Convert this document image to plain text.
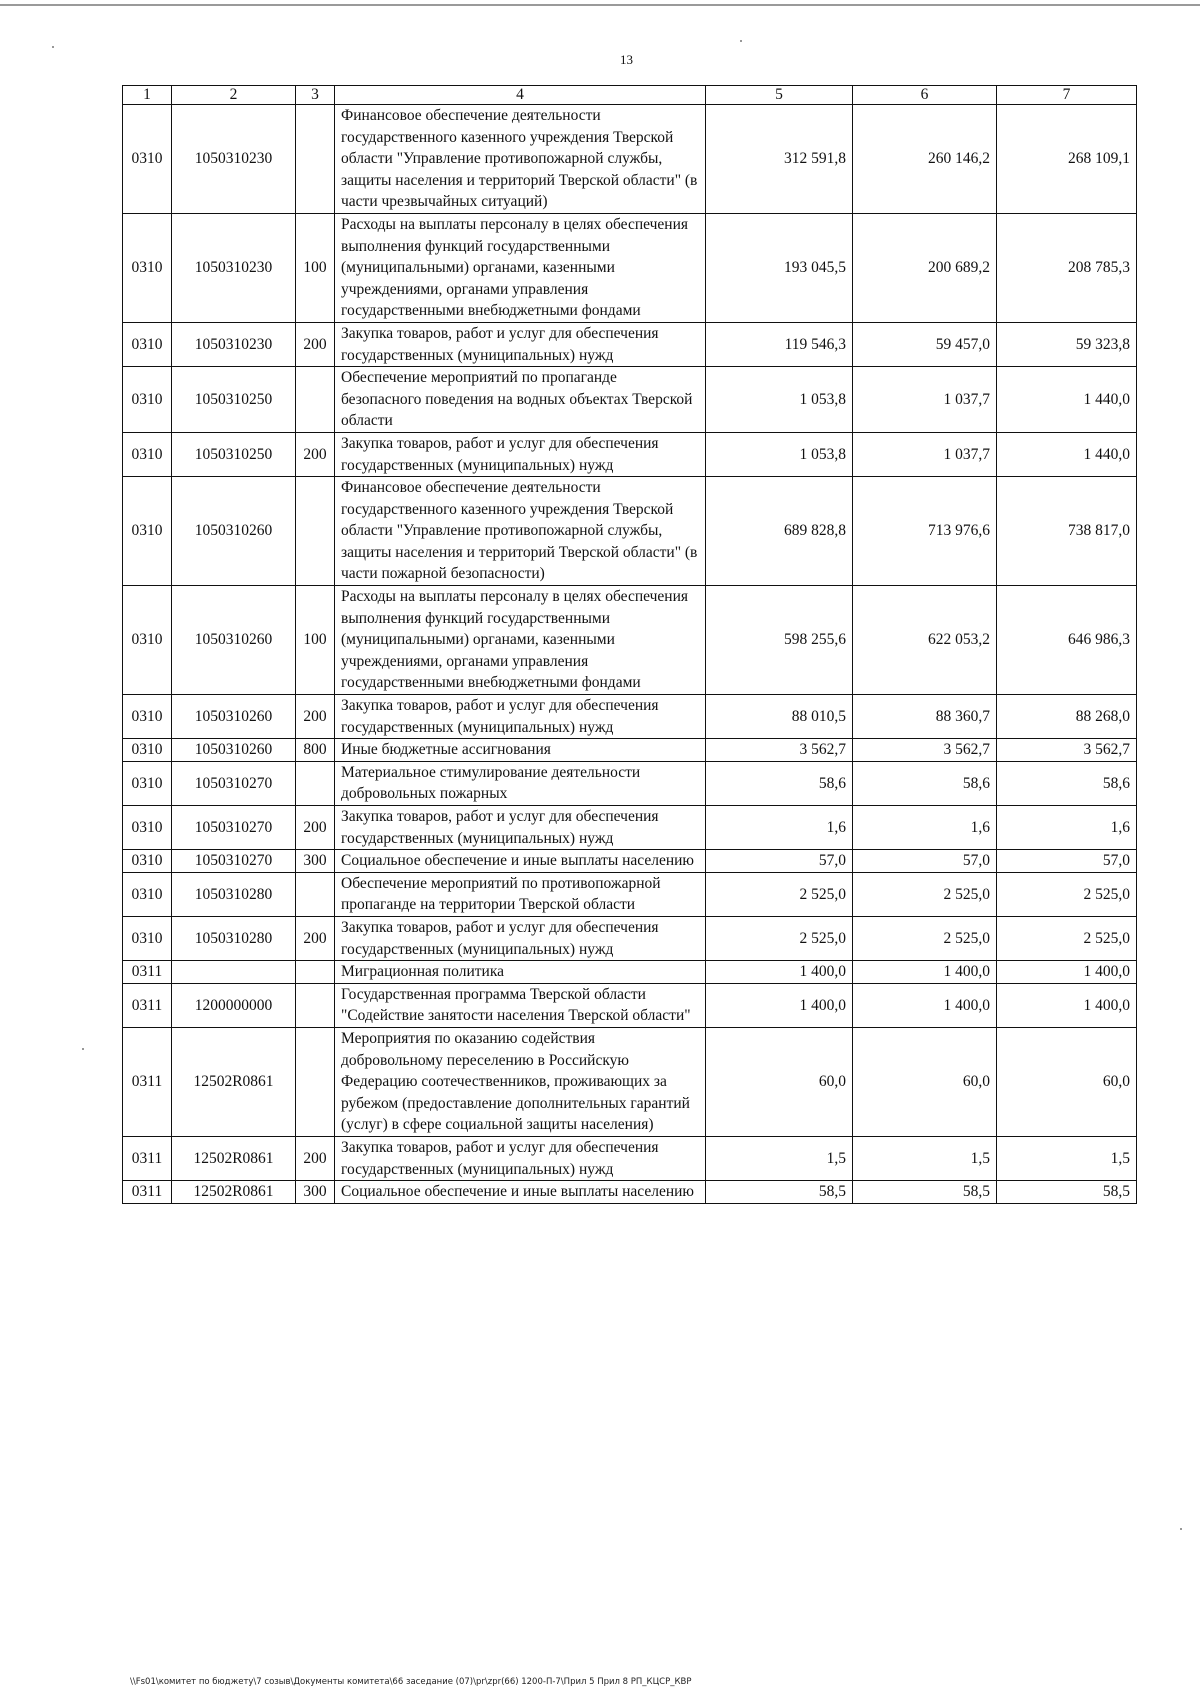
13
1	2	3	4	5	6	7
0310	1050310230		Финансовое обеспечение деятельности государственного казенного учреждения Тверской области "Управление противопожарной службы, защиты населения и территорий Тверской области" (в части чрезвычайных ситуаций)	312 591,8	260 146,2	268 109,1
0310	1050310230	100	Расходы на выплаты персоналу в целях обеспечения выполнения функций государственными (муниципальными) органами, казенными учреждениями, органами управления государственными внебюджетными фондами	193 045,5	200 689,2	208 785,3
0310	1050310230	200	Закупка товаров, работ и услуг для обеспечения государственных (муниципальных) нужд	119 546,3	59 457,0	59 323,8
0310	1050310250		Обеспечение мероприятий по пропаганде безопасного поведения на водных объектах Тверской области	1 053,8	1 037,7	1 440,0
0310	1050310250	200	Закупка товаров, работ и услуг для обеспечения государственных (муниципальных) нужд	1 053,8	1 037,7	1 440,0
0310	1050310260		Финансовое обеспечение деятельности государственного казенного учреждения Тверской области "Управление противопожарной службы, защиты населения и территорий Тверской области" (в части пожарной безопасности)	689 828,8	713 976,6	738 817,0
0310	1050310260	100	Расходы на выплаты персоналу в целях обеспечения выполнения функций государственными (муниципальными) органами, казенными учреждениями, органами управления государственными внебюджетными фондами	598 255,6	622 053,2	646 986,3
0310	1050310260	200	Закупка товаров, работ и услуг для обеспечения государственных (муниципальных) нужд	88 010,5	88 360,7	88 268,0
0310	1050310260	800	Иные бюджетные ассигнования	3 562,7	3 562,7	3 562,7
0310	1050310270		Материальное стимулирование деятельности добровольных пожарных	58,6	58,6	58,6
0310	1050310270	200	Закупка товаров, работ и услуг для обеспечения государственных (муниципальных) нужд	1,6	1,6	1,6
0310	1050310270	300	Социальное обеспечение и иные выплаты населению	57,0	57,0	57,0
0310	1050310280		Обеспечение мероприятий по противопожарной пропаганде на территории Тверской области	2 525,0	2 525,0	2 525,0
0310	1050310280	200	Закупка товаров, работ и услуг для обеспечения государственных (муниципальных) нужд	2 525,0	2 525,0	2 525,0
0311			Миграционная политика	1 400,0	1 400,0	1 400,0
0311	1200000000		Государственная программа Тверской области "Содействие занятости населения Тверской области"	1 400,0	1 400,0	1 400,0
0311	12502R0861		Мероприятия по оказанию содействия добровольному переселению в Российскую Федерацию соотечественников, проживающих за рубежом (предоставление дополнительных гарантий (услуг) в сфере социальной защиты населения)	60,0	60,0	60,0
0311	12502R0861	200	Закупка товаров, работ и услуг для обеспечения государственных (муниципальных) нужд	1,5	1,5	1,5
0311	12502R0861	300	Социальное обеспечение и иные выплаты населению	58,5	58,5	58,5
\\Fs01\комитет по бюджету\7 созыв\Документы комитета\66 заседание (07)\pr\zpr(66) 1200-П-7\Прил 5 Прил 8 РП_КЦСР_КВР
